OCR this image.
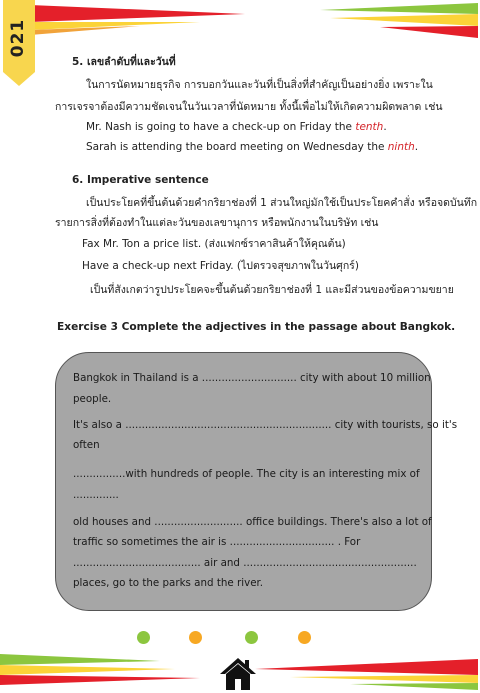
021
5. เลขลำดับที่และวันที่
ในการนัดหมายธุรกิจ การบอกวันและวันที่เป็นสิ่งที่สำคัญเป็นอย่างยิ่ง เพราะใน
การเจรจาต้องมีความชัดเจนในวันเวลาที่นัดหมาย ทั้งนี้เพื่อไม่ให้เกิดความผิดพลาด เช่น
Mr. Nash is going to have a check-up on Friday the tenth.
Sarah is attending the board meeting on Wednesday the ninth.
6. Imperative sentence
เป็นประโยคที่ขึ้นต้นด้วยคำกริยาช่องที่ 1 ส่วนใหญ่มักใช้เป็นประโยคคำสั่ง หรือจดบันทึก
รายการสิ่งที่ต้องทำในแต่ละวันของเลขานุการ หรือพนักงานในบริษัท เช่น
Fax Mr. Ton a price list. (ส่งแฟกซ์ราคาสินค้าให้คุณต้น)
Have a check-up next Friday. (ไปตรวจสุขภาพในวันศุกร์)
เป็นที่สังเกตว่ารูปประโยคจะขึ้นต้นด้วยกริยาช่องที่ 1 และมีส่วนของข้อความขยาย
Exercise 3 Complete the adjectives in the passage about Bangkok.
Bangkok in Thailand is a ............................. city with about 10 million
people.
It's also a ............................................................... city with tourists, so it's
often
................with hundreds of people. The city is an interesting mix of
..............
old houses and ........................... office buildings. There's also a lot of
traffic so sometimes the air is ................................ . For
....................................... air and .....................................................
places, go to the parks and the river.
